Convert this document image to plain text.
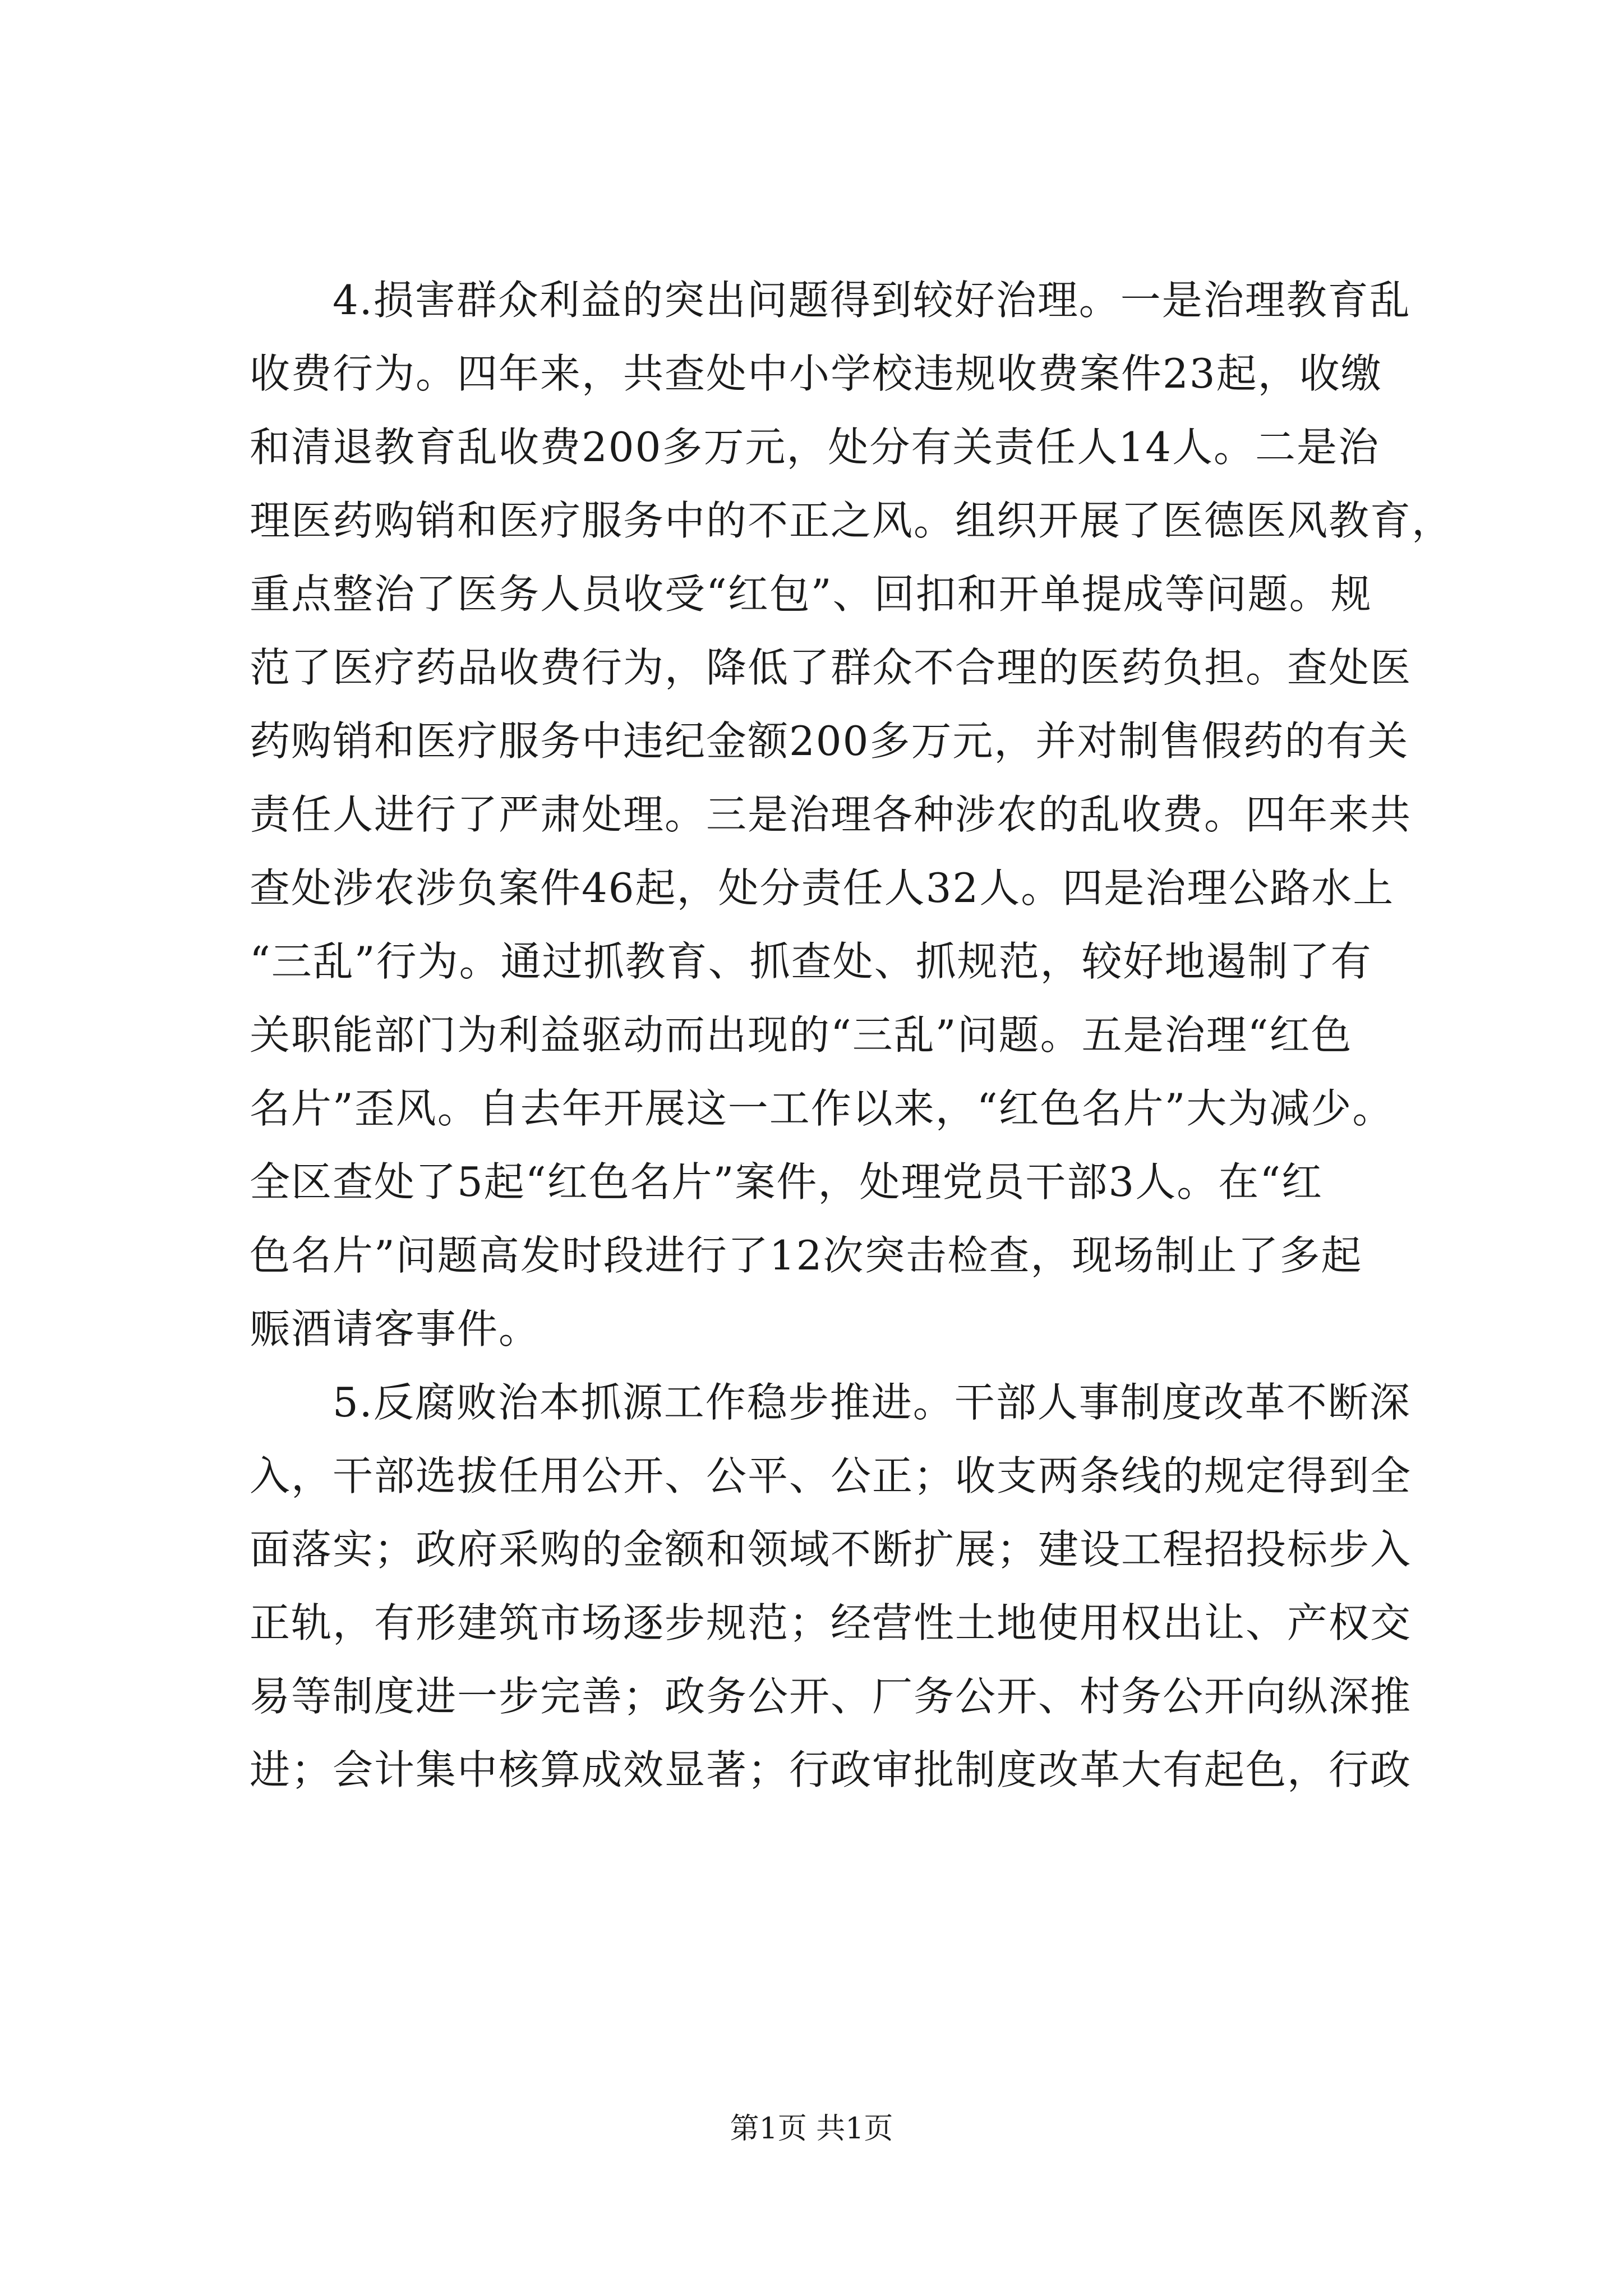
4.损害群众利益的突出问题得到较好治理。一是治理教育乱
收费行为。四年来，共查处中小学校违规收费案件23起，收缴
和清退教育乱收费200多万元，处分有关责任人14人。二是治
理医药购销和医疗服务中的不正之风。组织开展了医德医风教育，
重点整治了医务人员收受“红包”、回扣和开单提成等问题。规
范了医疗药品收费行为，降低了群众不合理的医药负担。查处医
药购销和医疗服务中违纪金额200多万元，并对制售假药的有关
责任人进行了严肃处理。三是治理各种涉农的乱收费。四年来共
查处涉农涉负案件46起，处分责任人32人。四是治理公路水上
“三乱”行为。通过抓教育、抓查处、抓规范，较好地遏制了有
关职能部门为利益驱动而出现的“三乱”问题。五是治理“红色
名片”歪风。自去年开展这一工作以来，“红色名片”大为减少。
全区查处了5起“红色名片”案件，处理党员干部3人。在“红
色名片”问题高发时段进行了12次突击检查，现场制止了多起
赈酒请客事件。
5.反腐败治本抓源工作稳步推进。干部人事制度改革不断深
入，干部选拔任用公开、公平、公正；收支两条线的规定得到全
面落实；政府采购的金额和领域不断扩展；建设工程招投标步入
正轨，有形建筑市场逐步规范；经营性土地使用权出让、产权交
易等制度进一步完善；政务公开、厂务公开、村务公开向纵深推
进；会计集中核算成效显著；行政审批制度改革大有起色，行政
第1页 共1页
